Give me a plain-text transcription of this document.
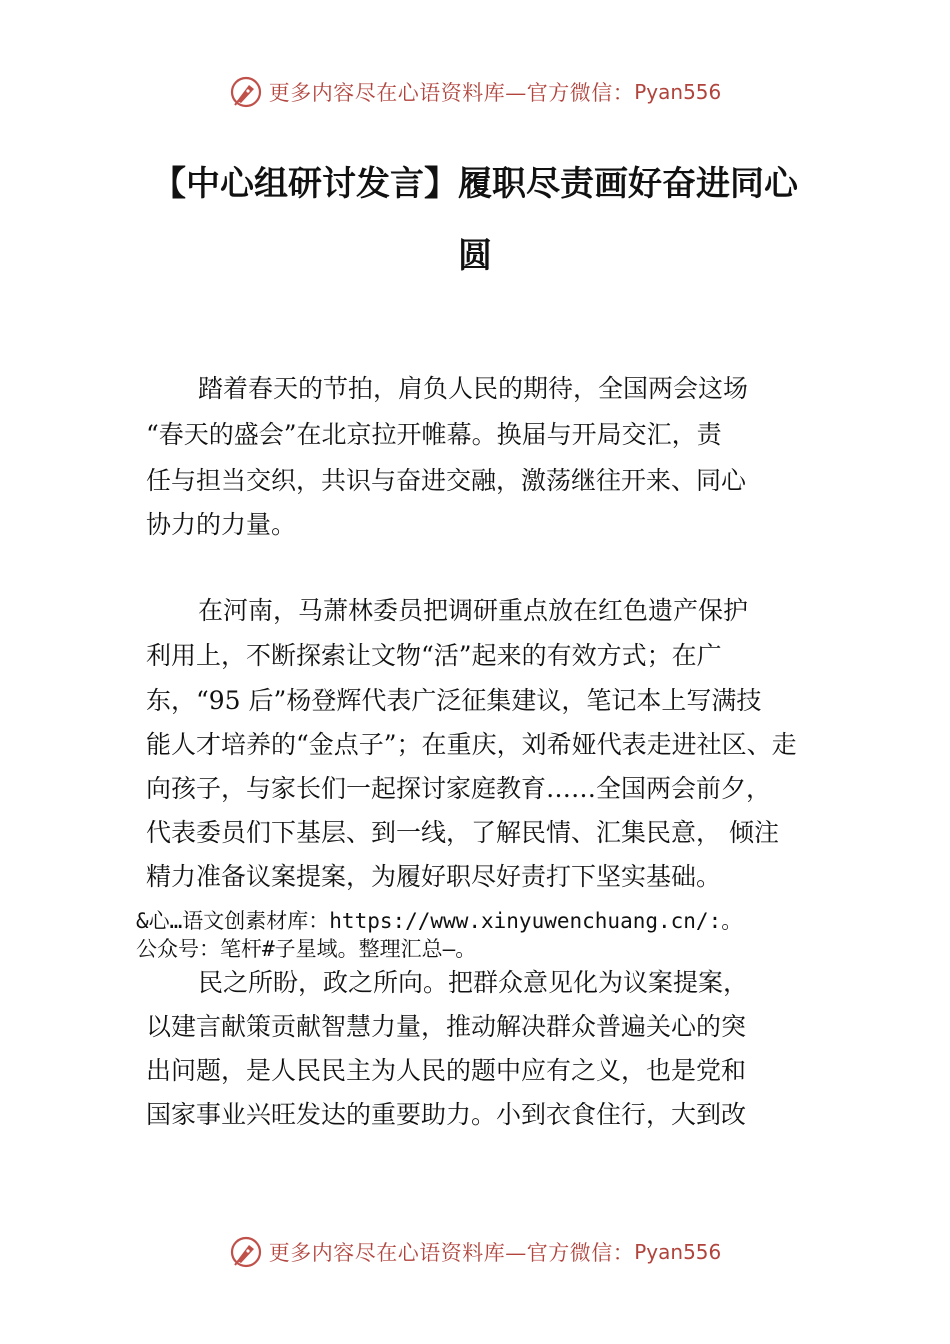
更多内容尽在心语资料库—官方微信： Pyan556
【中心组研讨发言】履职尽责画好奋进同心
圆
踏着春天的节拍，肩负人民的期待，全国两会这场
“春天的盛会”在北京拉开帷幕。换届与开局交汇，责
任与担当交织，共识与奋进交融，激荡继往开来、同心
协力的力量。
在河南，马萧林委员把调研重点放在红色遗产保护
利用上，不断探索让文物“活”起来的有效方式；在广
东，“95 后”杨登辉代表广泛征集建议，笔记本上写满技
能人才培养的“金点子”；在重庆，刘希娅代表走进社区、走
向孩子，与家长们一起探讨家庭教育……全国两会前夕，
代表委员们下基层、到一线，了解民情、汇集民意， 倾注
精力准备议案提案，为履好职尽好责打下坚实基础。
&心…语文创素材库：https://www.xinyuwenchuang.cn/:。
公众号：笔杆#子星域。整理汇总—。
民之所盼，政之所向。把群众意见化为议案提案，
以建言献策贡献智慧力量，推动解决群众普遍关心的突
出问题，是人民民主为人民的题中应有之义，也是党和
国家事业兴旺发达的重要助力。小到衣食住行，大到改
更多内容尽在心语资料库—官方微信： Pyan556
